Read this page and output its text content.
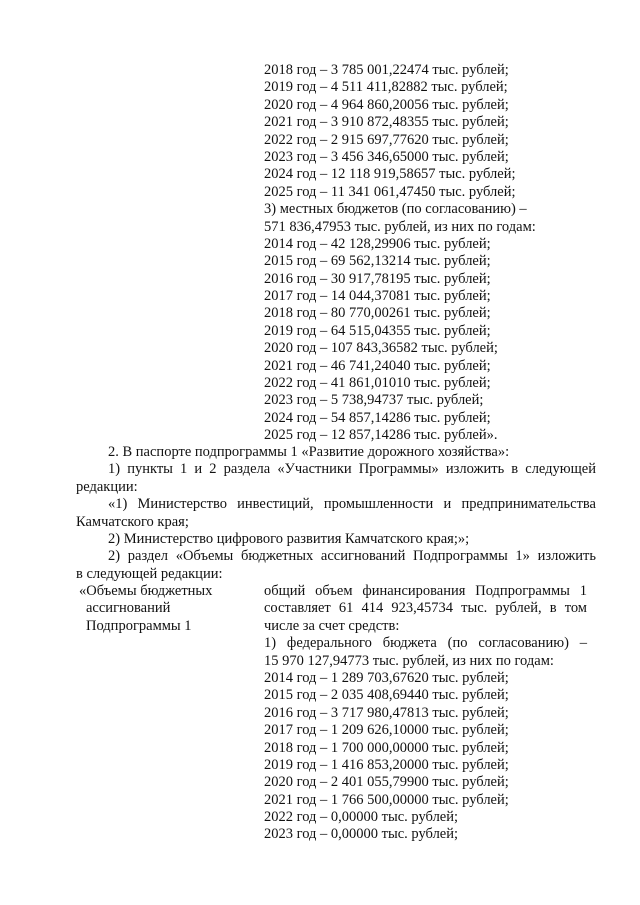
2018 год – 3 785 001,22474 тыс. рублей;
2019 год – 4 511 411,82882 тыс. рублей;
2020 год – 4 964 860,20056 тыс. рублей;
2021 год – 3 910 872,48355 тыс. рублей;
2022 год – 2 915 697,77620 тыс. рублей;
2023 год – 3 456 346,65000 тыс. рублей;
2024 год – 12 118 919,58657 тыс. рублей;
2025 год – 11 341 061,47450 тыс. рублей;
3) местных бюджетов (по согласованию) –
571 836,47953 тыс. рублей, из них по годам:
2014 год – 42 128,29906 тыс. рублей;
2015 год – 69 562,13214 тыс. рублей;
2016 год – 30 917,78195 тыс. рублей;
2017 год – 14 044,37081 тыс. рублей;
2018 год – 80 770,00261 тыс. рублей;
2019 год – 64 515,04355 тыс. рублей;
2020 год – 107 843,36582 тыс. рублей;
2021 год – 46 741,24040 тыс. рублей;
2022 год – 41 861,01010 тыс. рублей;
2023 год – 5 738,94737 тыс. рублей;
2024 год – 54 857,14286 тыс. рублей;
2025 год – 12 857,14286 тыс. рублей».
2. В паспорте подпрограммы 1 «Развитие дорожного хозяйства»:
1) пункты 1 и 2 раздела «Участники Программы» изложить в следующей
редакции:
«1) Министерство инвестиций, промышленности и предпринимательства
Камчатского края;
2) Министерство цифрового развития Камчатского края;»;
2) раздел «Объемы бюджетных ассигнований Подпрограммы 1» изложить
в следующей редакции:
«Объемы бюджетных
ассигнований
Подпрограммы 1
общий объем финансирования Подпрограммы 1
составляет 61 414 923,45734 тыс. рублей, в том
числе за счет средств:
1) федерального бюджета (по согласованию) –
15 970 127,94773 тыс. рублей, из них по годам:
2014 год – 1 289 703,67620 тыс. рублей;
2015 год – 2 035 408,69440 тыс. рублей;
2016 год – 3 717 980,47813 тыс. рублей;
2017 год – 1 209 626,10000 тыс. рублей;
2018 год – 1 700 000,00000 тыс. рублей;
2019 год – 1 416 853,20000 тыс. рублей;
2020 год – 2 401 055,79900 тыс. рублей;
2021 год – 1 766 500,00000 тыс. рублей;
2022 год – 0,00000 тыс. рублей;
2023 год – 0,00000 тыс. рублей;
